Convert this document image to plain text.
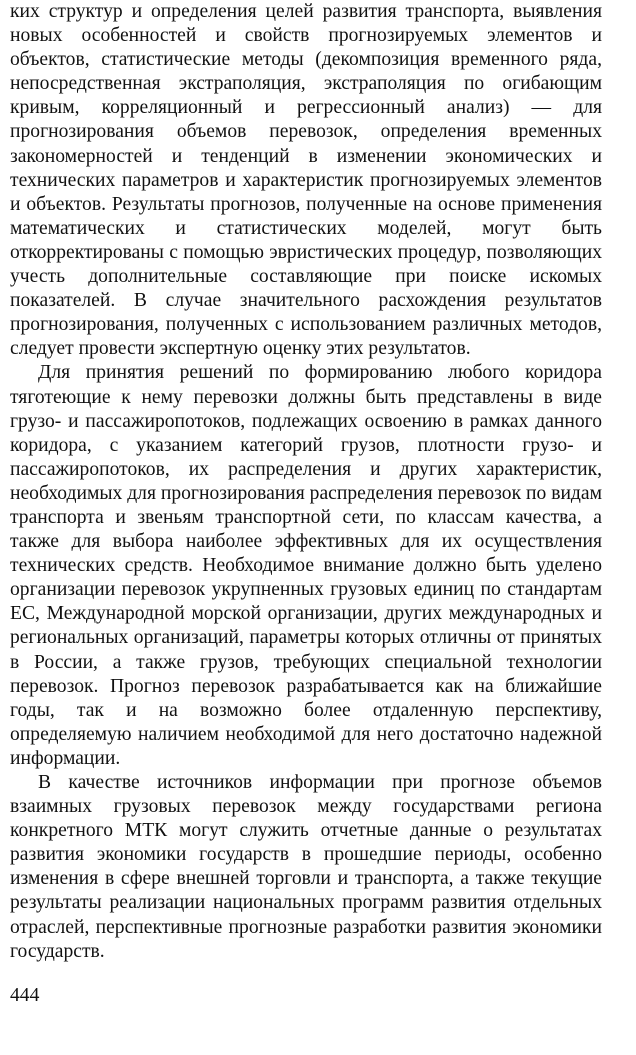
ких структур и определения целей развития транспорта, выявления новых особенностей и свойств прогнозируемых элементов и объектов, статистические методы (декомпозиция временного ряда, непосредственная экстраполяция, экстраполяция по огибающим кривым, корреляционный и регрессионный анализ) — для прогнозирования объемов перевозок, определения временных закономерностей и тенденций в изменении экономических и технических параметров и характеристик прогнозируемых элементов и объектов. Результаты прогнозов, полученные на основе применения математических и статистических моделей, могут быть откорректированы с помощью эвристических процедур, позволяющих учесть дополнительные составляющие при поиске искомых показателей. В случае значительного расхождения результатов прогнозирования, полученных с использованием различных методов, следует провести экспертную оценку этих результатов.

Для принятия решений по формированию любого коридора тяготеющие к нему перевозки должны быть представлены в виде грузо- и пассажиропотоков, подлежащих освоению в рамках данного коридора, с указанием категорий грузов, плотности грузо- и пассажиропотоков, их распределения и других характеристик, необходимых для прогнозирования распределения перевозок по видам транспорта и звеньям транспортной сети, по классам качества, а также для выбора наиболее эффективных для их осуществления технических средств. Необходимое внимание должно быть уделено организации перевозок укрупненных грузовых единиц по стандартам ЕС, Международной морской организации, других международных и региональных организаций, параметры которых отличны от принятых в России, а также грузов, требующих специальной технологии перевозок. Прогноз перевозок разрабатывается как на ближайшие годы, так и на возможно более отдаленную перспективу, определяемую наличием необходимой для него достаточно надежной информации.

В качестве источников информации при прогнозе объемов взаимных грузовых перевозок между государствами региона конкретного МТК могут служить отчетные данные о результатах развития экономики государств в прошедшие периоды, особенно изменения в сфере внешней торговли и транспорта, а также текущие результаты реализации национальных программ развития отдельных отраслей, перспективные прогнозные разработки развития экономики государств.

444
